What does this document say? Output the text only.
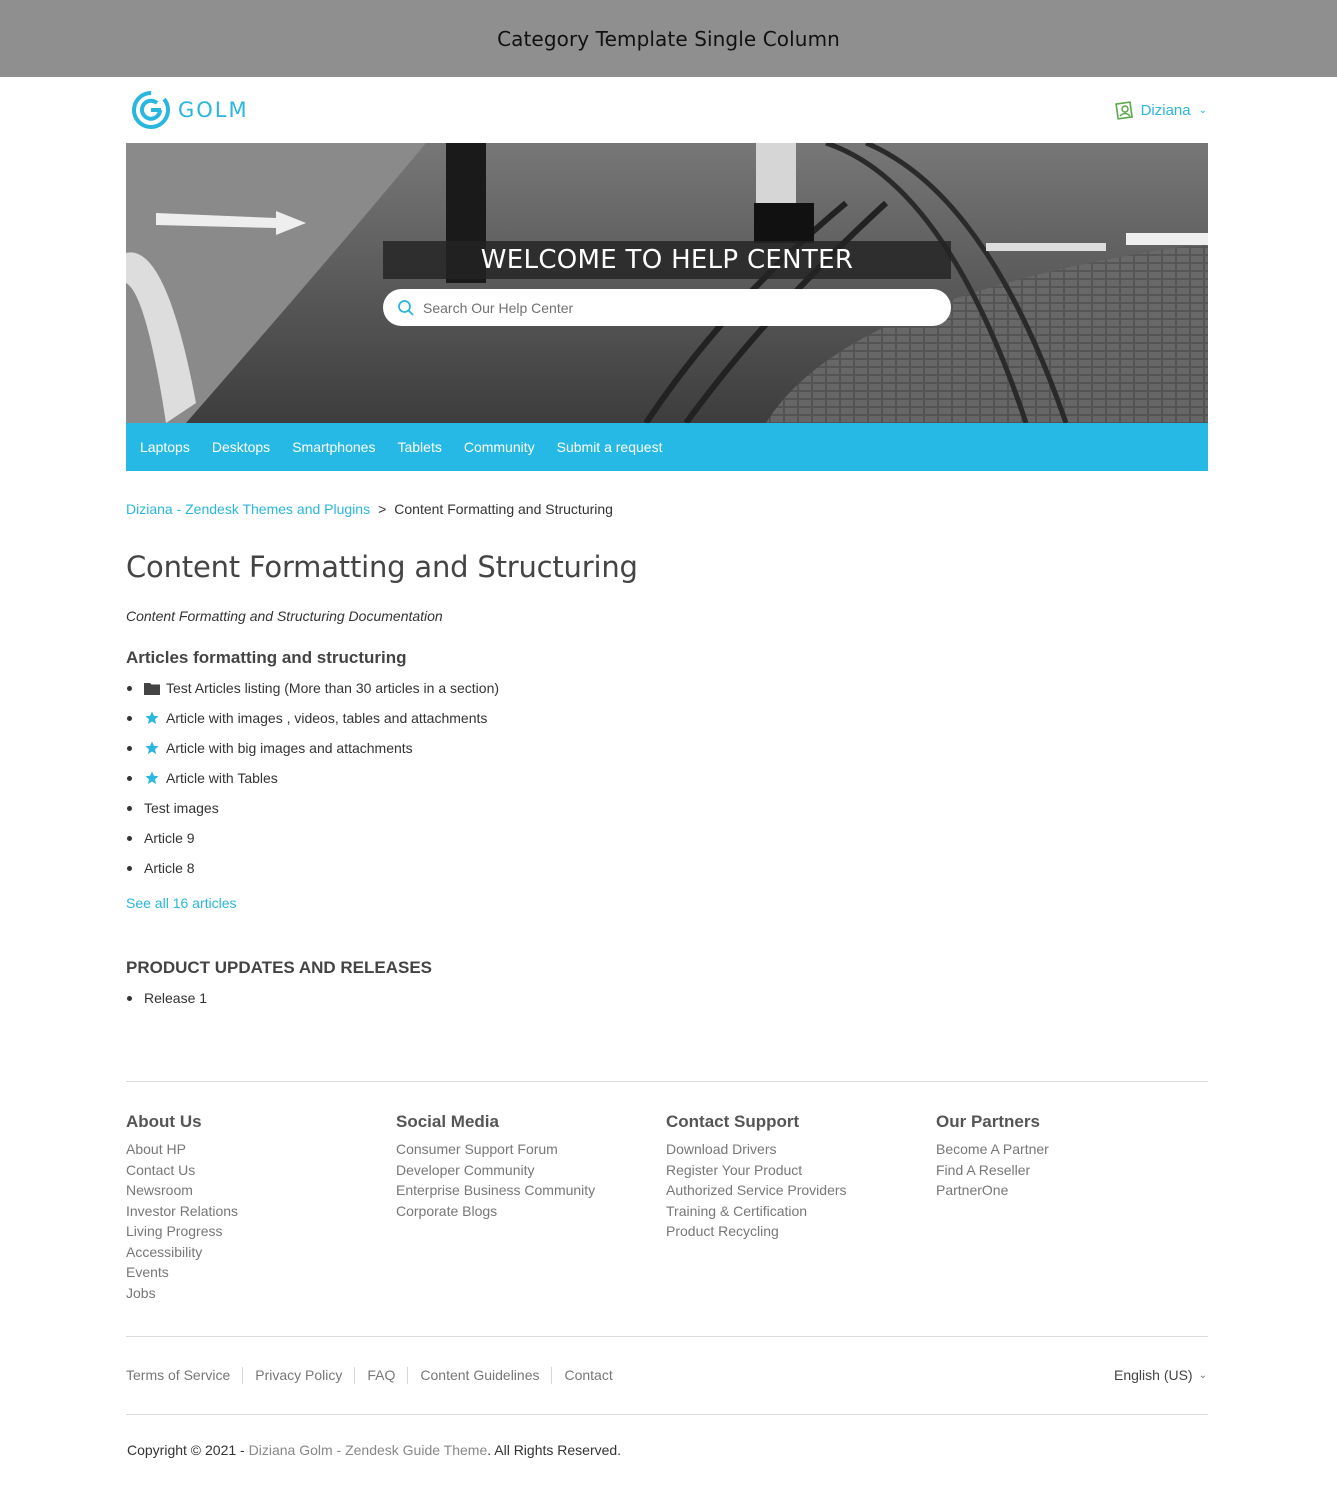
Category Template Single Column
GOLM	Diziana ⌄
WELCOME TO HELP CENTER
Search Our Help Center
Laptops Desktops Smartphones Tablets Community Submit a request
Diziana - Zendesk Themes and Plugins > Content Formatting and Structuring
Content Formatting and Structuring

Content Formatting and Structuring Documentation

Articles formatting and structuring
Test Articles listing (More than 30 articles in a section)
Article with images , videos, tables and attachments
Article with big images and attachments
Article with Tables
Test images
Article 9
Article 8
See all 16 articles
PRODUCT UPDATES AND RELEASES
Release 1
About Us
About HP
Contact Us
Newsroom
Investor Relations
Living Progress
Accessibility
Events
Jobs
Social Media
Consumer Support Forum
Developer Community
Enterprise Business Community
Corporate Blogs
Contact Support
Download Drivers
Register Your Product
Authorized Service Providers
Training & Certification
Product Recycling
Our Partners
Become A Partner
Find A Reseller
PartnerOne
Terms of Service	Privacy Policy	FAQ	Content Guidelines	Contact	English (US) ⌄

Copyright © 2021 - Diziana Golm - Zendesk Guide Theme. All Rights Reserved.
